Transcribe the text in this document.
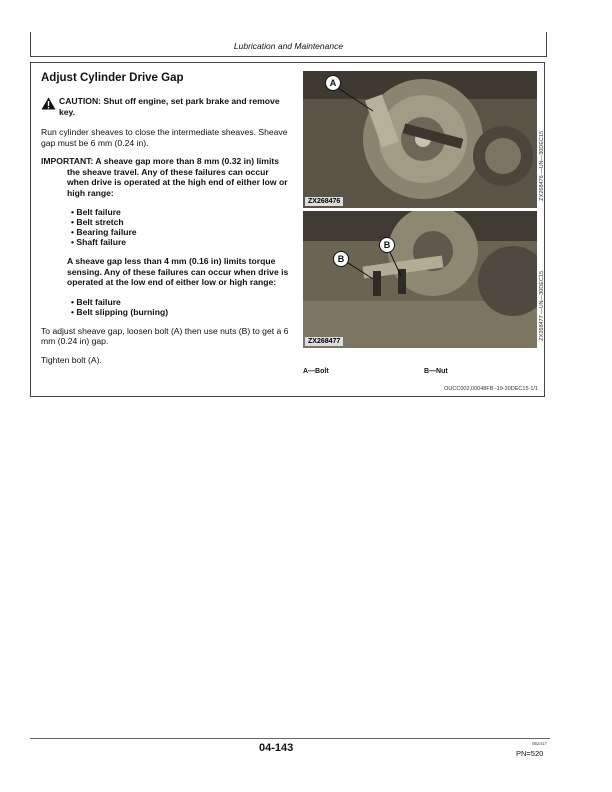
Lubrication and Maintenance
Adjust Cylinder Drive Gap
CAUTION: Shut off engine, set park brake and remove key.

Run cylinder sheaves to close the intermediate sheaves. Sheave gap must be 6 mm (0.24 in).

IMPORTANT: A sheave gap more than 8 mm (0.32 in) limits the sheave travel. Any of these failures can occur when drive is operated at the high end of either low or high range:
• Belt failure
• Belt stretch
• Bearing failure
• Shaft failure
A sheave gap less than 4 mm (0.16 in) limits torque sensing. Any of these failures can occur when drive is operated at the low end of either low or high range:
• Belt failure
• Belt slipping (burning)

To adjust sheave gap, loosen bolt (A) then use nuts (B) to get a 6 mm (0.24 in) gap.

Tighten bolt (A).

A
ZX268476
ZX268476 —UN—30DEC15
B
B
ZX268477
ZX268477 —UN—30DEC15
A—Bolt	B—Nut
OUCC002,00048FB -19-30DEC15-1/1
04-143	062417
PN=520
